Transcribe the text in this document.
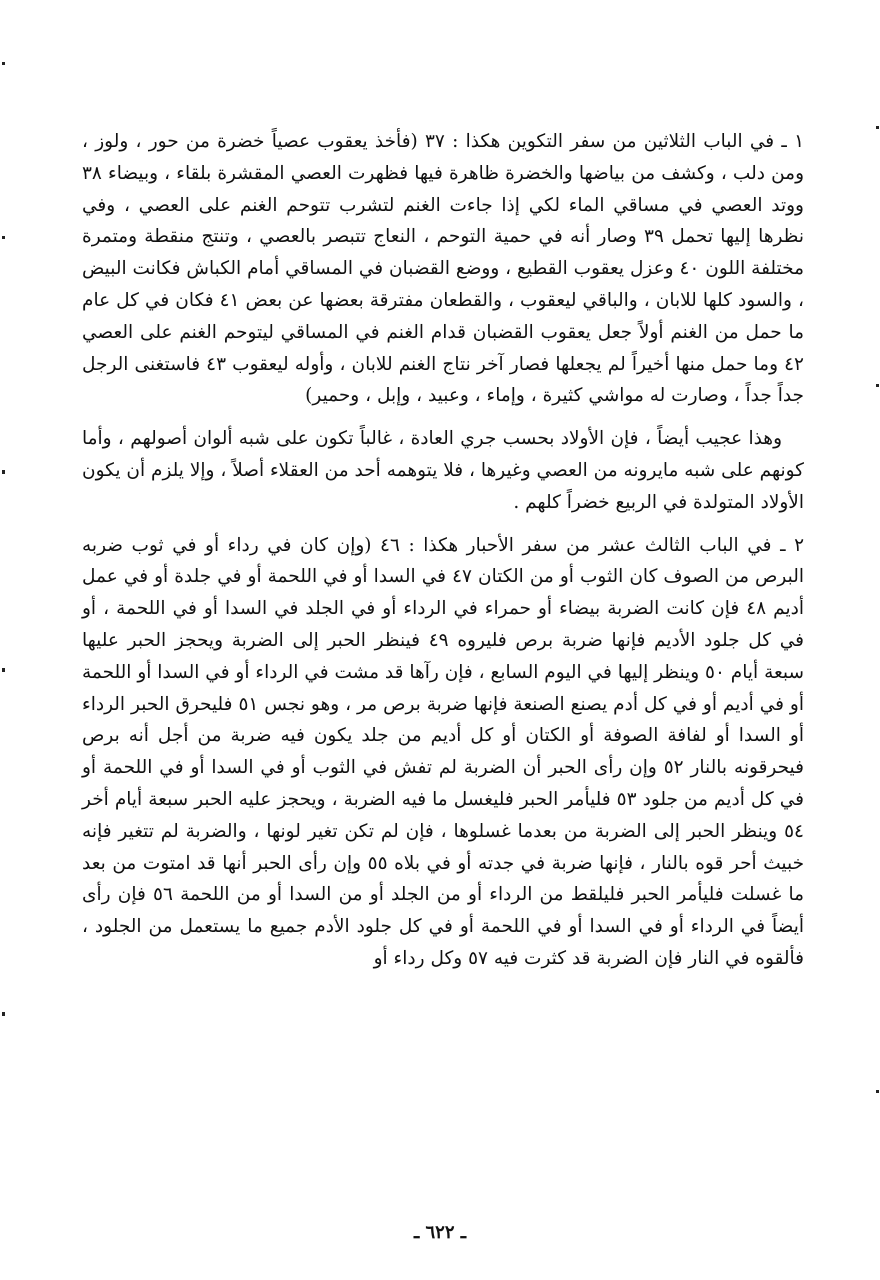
١ ـ في الباب الثلاثين من سفر التكوين هكذا : ٣٧ (فأخذ يعقوب عصياً خضرة من حور ، ولوز ، ومن دلب ، وكشف من بياضها والخضرة ظاهرة فيها فظهرت العصي المقشرة بلقاء ، وبيضاء ٣٨ ووتد العصي في مساقي الماء لكي إذا جاءت الغنم لتشرب تتوحم الغنم على العصي ، وفي نظرها إليها تحمل ٣٩ وصار أنه في حمية التوحم ، النعاج تتبصر بالعصي ، وتنتج منقطة ومتمرة مختلفة اللون ٤٠ وعزل يعقوب القطيع ، ووضع القضبان في المساقي أمام الكباش فكانت البيض ، والسود كلها للابان ، والباقي ليعقوب ، والقطعان مفترقة بعضها عن بعض ٤١ فكان في كل عام ما حمل من الغنم أولاً جعل يعقوب القضبان قدام الغنم في المساقي ليتوحم الغنم على العصي ٤٢ وما حمل منها أخيراً لم يجعلها فصار آخر نتاج الغنم للابان ، وأوله ليعقوب ٤٣ فاستغنى الرجل جداً جداً ، وصارت له مواشي كثيرة ، وإماء ، وعبيد ، وإبل ، وحمير)

وهذا عجيب أيضاً ، فإن الأولاد بحسب جري العادة ، غالباً تكون على شبه ألوان أصولهم ، وأما كونهم على شبه مايرونه من العصي وغيرها ، فلا يتوهمه أحد من العقلاء أصلاً ، وإلا يلزم أن يكون الأولاد المتولدة في الربيع خضراً كلهم .

٢ ـ في الباب الثالث عشر من سفر الأحبار هكذا : ٤٦ (وإن كان في رداء أو في ثوب ضربه البرص من الصوف كان الثوب أو من الكتان ٤٧ في السدا أو في اللحمة أو في جلدة أو في عمل أديم ٤٨ فإن كانت الضربة بيضاء أو حمراء في الرداء أو في الجلد في السدا أو في اللحمة ، أو في كل جلود الأديم فإنها ضربة برص فليروه ٤٩ فينظر الحبر إلى الضربة ويحجز الحبر عليها سبعة أيام ٥٠ وينظر إليها في اليوم السابع ، فإن رآها قد مشت في الرداء أو في السدا أو اللحمة أو في أديم أو في كل أدم يصنع الصنعة فإنها ضربة برص مر ، وهو نجس ٥١ فليحرق الحبر الرداء أو السدا أو لفافة الصوفة أو الكتان أو كل أديم من جلد يكون فيه ضربة من أجل أنه برص فيحرقونه بالنار ٥٢ وإن رأى الحبر أن الضربة لم تفش في الثوب أو في السدا أو في اللحمة أو في كل أديم من جلود ٥٣ فليأمر الحبر فليغسل ما فيه الضربة ، ويحجز عليه الحبر سبعة أيام أخر ٥٤ وينظر الحبر إلى الضربة من بعدما غسلوها ، فإن لم تكن تغير لونها ، والضربة لم تتغير فإنه خبيث أحر قوه بالنار ، فإنها ضربة في جدته أو في بلاه ٥٥ وإن رأى الحبر أنها قد امتوت من بعد ما غسلت فليأمر الحبر فليلقط من الرداء أو من الجلد أو من السدا أو من اللحمة ٥٦ فإن رأى أيضاً في الرداء أو في السدا أو في اللحمة أو في كل جلود الأدم جميع ما يستعمل من الجلود ، فألقوه في النار فإن الضربة قد كثرت فيه ٥٧ وكل رداء أو

ـ ٦٢٢ ـ
